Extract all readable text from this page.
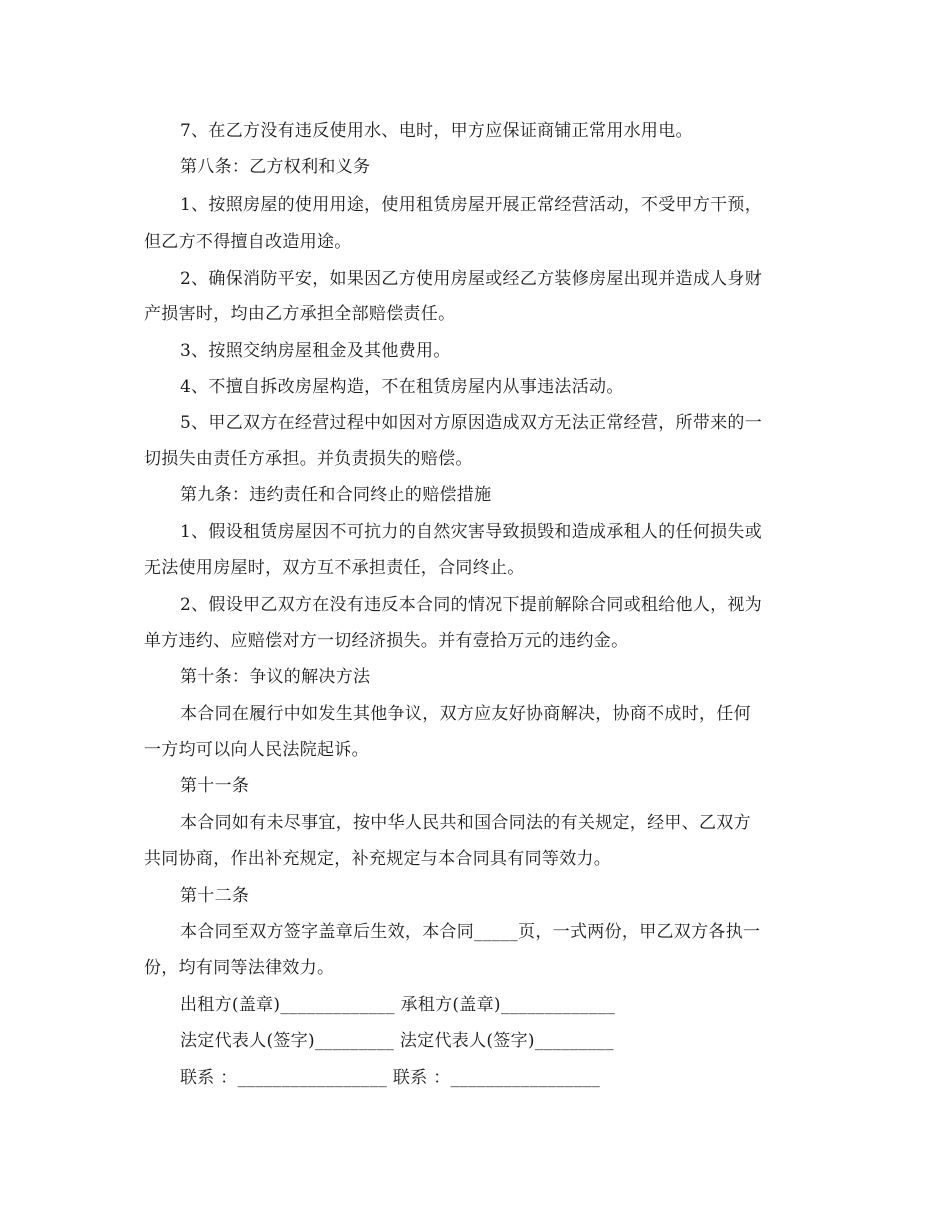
7、在乙方没有违反使用水、电时，甲方应保证商铺正常用水用电。
第八条：乙方权利和义务
1、按照房屋的使用用途，使用租赁房屋开展正常经营活动，不受甲方干预，
但乙方不得擅自改造用途。
2、确保消防平安，如果因乙方使用房屋或经乙方装修房屋出现并造成人身财
产损害时，均由乙方承担全部赔偿责任。
3、按照交纳房屋租金及其他费用。
4、不擅自拆改房屋构造，不在租赁房屋内从事违法活动。
5、甲乙双方在经营过程中如因对方原因造成双方无法正常经营，所带来的一
切损失由责任方承担。并负责损失的赔偿。
第九条：违约责任和合同终止的赔偿措施
1、假设租赁房屋因不可抗力的自然灾害导致损毁和造成承租人的任何损失或
无法使用房屋时，双方互不承担责任，合同终止。
2、假设甲乙双方在没有违反本合同的情况下提前解除合同或租给他人，视为
单方违约、应赔偿对方一切经济损失。并有壹拾万元的违约金。
第十条：争议的解决方法
本合同在履行中如发生其他争议，双方应友好协商解决，协商不成时，任何
一方均可以向人民法院起诉。
第十一条
本合同如有未尽事宜，按中华人民共和国合同法的有关规定，经甲、乙双方
共同协商，作出补充规定，补充规定与本合同具有同等效力。
第十二条
本合同至双方签字盖章后生效，本合同_____页，一式两份，甲乙双方各执一
份，均有同等法律效力。
出租方(盖章)_____________ 承租方(盖章)_____________
法定代表人(签字)_________ 法定代表人(签字)_________
联系 ：_________________ 联系 ：_________________
